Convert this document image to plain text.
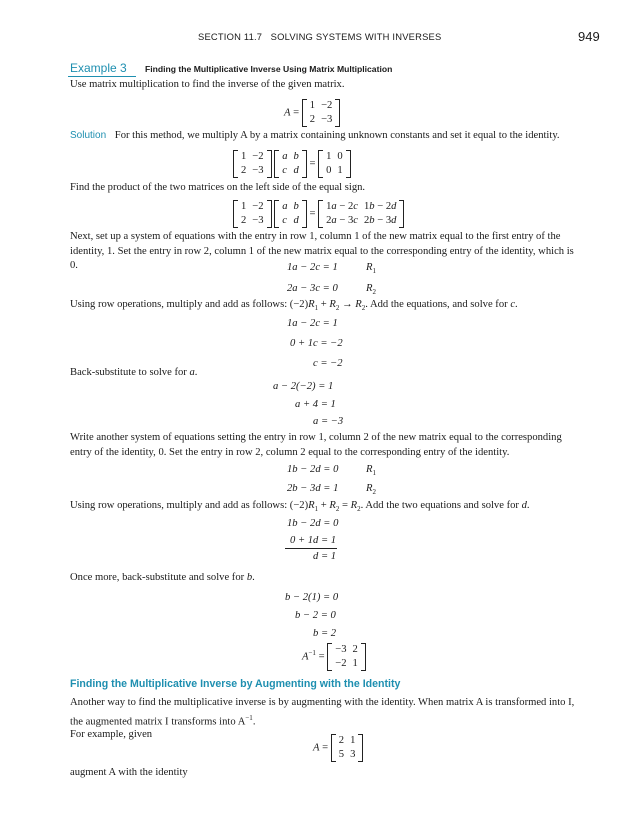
SECTION 11.7 SOLVING SYSTEMS WITH INVERSES	949
Example 3 Finding the Multiplicative Inverse Using Matrix Multiplication
Use matrix multiplication to find the inverse of the given matrix.
A =
1	−2
2	−3
Solution For this method, we multiply A by a matrix containing unknown constants and set it equal to the identity.
1	−2
2	−3

a	b
c	d
=
1	0
0	1
Find the product of the two matrices on the left side of the equal sign.
1	−2
2	−3

a	b
c	d
=
1a − 2c	1b − 2d
2a − 3c	2b − 3d
Next, set up a system of equations with the entry in row 1, column 1 of the new matrix equal to the first entry of the identity, 1. Set the entry in row 2, column 1 of the new matrix equal to the corresponding entry of the identity, which is 0.	1a − 2c = 1	$R_1$
2a − 3c = 0	$R_2$
Using row operations, multiply and add as follows: $(-2)R_1 + R_2 \to R_2$. Add the equations, and solve for c.
1a − 2c = 1
0 + 1c = −2
c = −2
Back-substitute to solve for a.
a − 2(−2) = 1
a + 4 = 1
a = −3
Write another system of equations setting the entry in row 1, column 2 of the new matrix equal to the corresponding entry of the identity, 0. Set the entry in row 2, column 2 equal to the corresponding entry of the identity.
1b − 2d = 0	$R_1$
2b − 3d = 1	$R_2$
Using row operations, multiply and add as follows: $(-2)R_1 + R_2 = R_2$. Add the two equations and solve for d.
1b − 2d = 0
0 + 1d = 1
d = 1
Once more, back-substitute and solve for b.
b − 2(1) = 0
b − 2 = 0
b = 2
$A^{-1}$ =
−3	2
−2	1
Finding the Multiplicative Inverse by Augmenting with the Identity
Another way to find the multiplicative inverse is by augmenting with the identity. When matrix A is transformed into I, the augmented matrix I transforms into $A^{-1}$.
For example, given
A =
2	1
5	3
augment A with the identity
